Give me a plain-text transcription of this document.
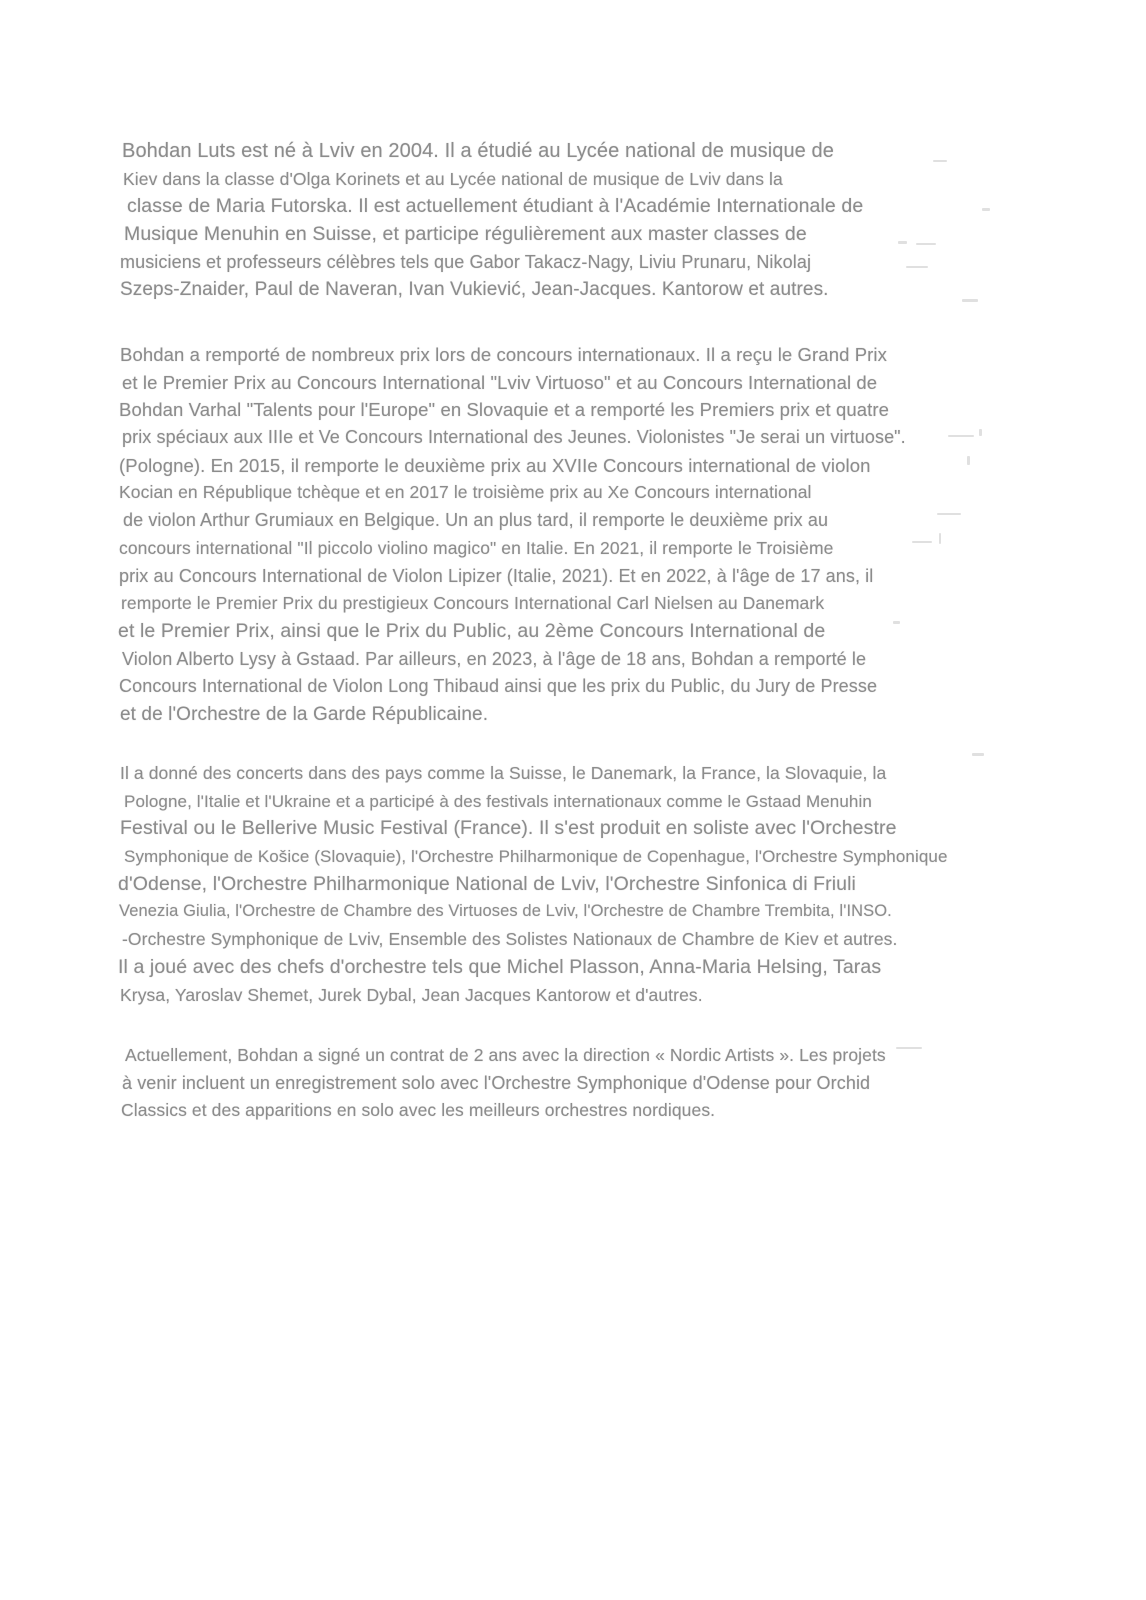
Bohdan Luts est né à Lviv en 2004. Il a étudié au Lycée national de musique de
Kiev dans la classe d'Olga Korinets et au Lycée national de musique de Lviv dans la
classe de Maria Futorska. Il est actuellement étudiant à l'Académie Internationale de
Musique Menuhin en Suisse, et participe régulièrement aux master classes de
musiciens et professeurs célèbres tels que Gabor Takacz-Nagy, Liviu Prunaru, Nikolaj
Szeps-Znaider, Paul de Naveran, Ivan Vukiević, Jean-Jacques. Kantorow et autres.
Bohdan a remporté de nombreux prix lors de concours internationaux. Il a reçu le Grand Prix
et le Premier Prix au Concours International "Lviv Virtuoso" et au Concours International de
Bohdan Varhal "Talents pour l'Europe" en Slovaquie et a remporté les Premiers prix et quatre
prix spéciaux aux IIIe et Ve Concours International des Jeunes. Violonistes "Je serai un virtuose".
(Pologne). En 2015, il remporte le deuxième prix au XVIIe Concours international de violon
Kocian en République tchèque et en 2017 le troisième prix au Xe Concours international
de violon Arthur Grumiaux en Belgique. Un an plus tard, il remporte le deuxième prix au
concours international "Il piccolo violino magico" en Italie. En 2021, il remporte le Troisième
prix au Concours International de Violon Lipizer (Italie, 2021). Et en 2022, à l'âge de 17 ans, il
remporte le Premier Prix du prestigieux Concours International Carl Nielsen au Danemark
et le Premier Prix, ainsi que le Prix du Public, au 2ème Concours International de
Violon Alberto Lysy à Gstaad. Par ailleurs, en 2023, à l'âge de 18 ans, Bohdan a remporté le
Concours International de Violon Long Thibaud ainsi que les prix du Public, du Jury de Presse
et de l'Orchestre de la Garde Républicaine.
Il a donné des concerts dans des pays comme la Suisse, le Danemark, la France, la Slovaquie, la
Pologne, l'Italie et l'Ukraine et a participé à des festivals internationaux comme le Gstaad Menuhin
Festival ou le Bellerive Music Festival (France). Il s'est produit en soliste avec l'Orchestre
Symphonique de Košice (Slovaquie), l'Orchestre Philharmonique de Copenhague, l'Orchestre Symphonique
d'Odense, l'Orchestre Philharmonique National de Lviv, l'Orchestre Sinfonica di Friuli
Venezia Giulia, l'Orchestre de Chambre des Virtuoses de Lviv, l'Orchestre de Chambre Trembita, l'INSO.
-Orchestre Symphonique de Lviv, Ensemble des Solistes Nationaux de Chambre de Kiev et autres.
Il a joué avec des chefs d'orchestre tels que Michel Plasson, Anna-Maria Helsing, Taras
Krysa, Yaroslav Shemet, Jurek Dybal, Jean Jacques Kantorow et d'autres.
Actuellement, Bohdan a signé un contrat de 2 ans avec la direction « Nordic Artists ». Les projets
à venir incluent un enregistrement solo avec l'Orchestre Symphonique d'Odense pour Orchid
Classics et des apparitions en solo avec les meilleurs orchestres nordiques.
